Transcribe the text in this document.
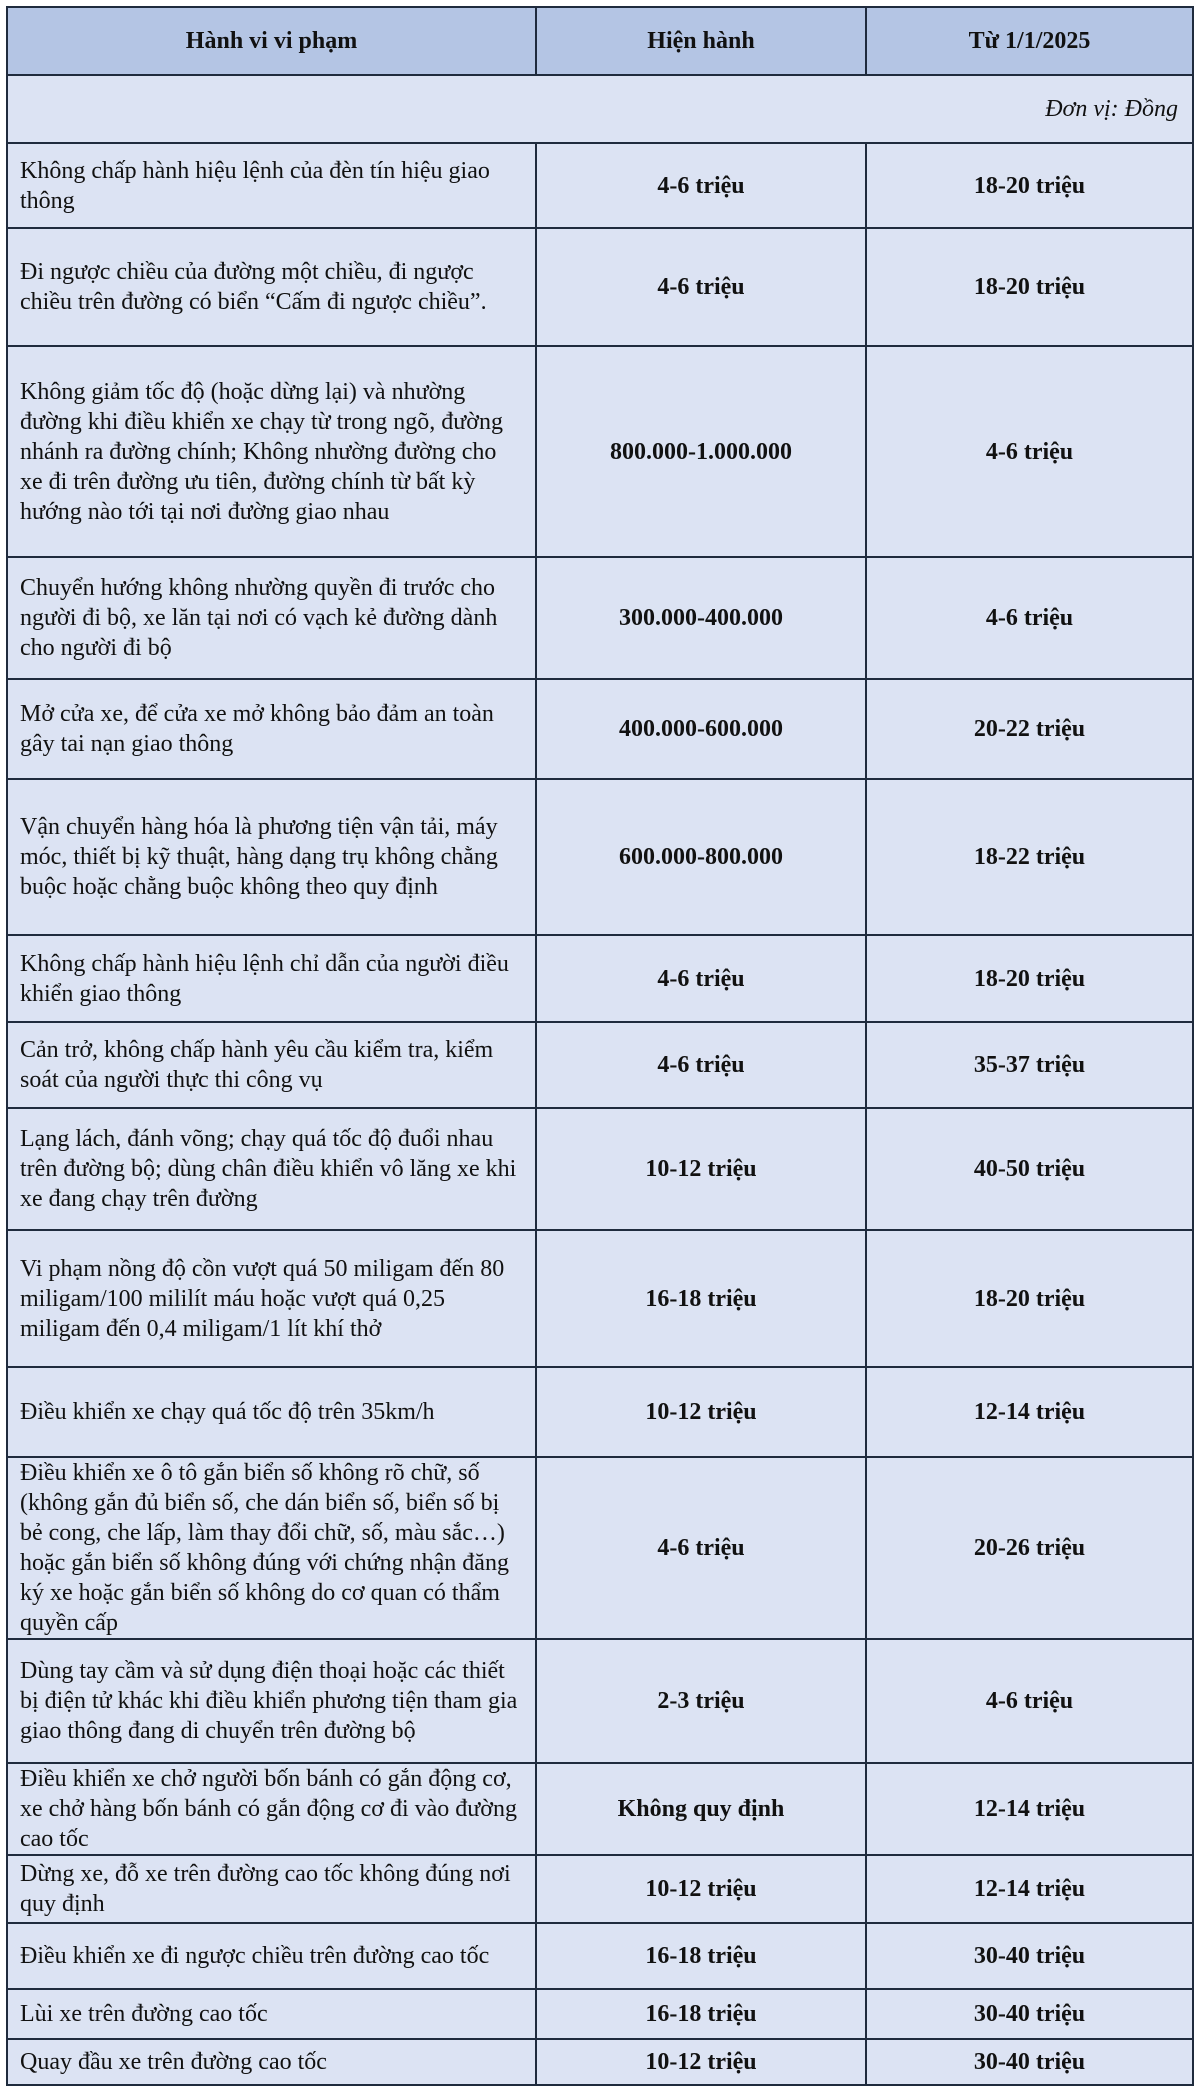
Hành vi vi phạm	Hiện hành	Từ 1/1/2025
Đơn vị: Đồng		
Không chấp hành hiệu lệnh của đèn tín hiệu giao thông	4-6 triệu	18-20 triệu
Đi ngược chiều của đường một chiều, đi ngược chiều trên đường có biển “Cấm đi ngược chiều”.	4-6 triệu	18-20 triệu
Không giảm tốc độ (hoặc dừng lại) và nhường đường khi điều khiển xe chạy từ trong ngõ, đường nhánh ra đường chính; Không nhường đường cho xe đi trên đường ưu tiên, đường chính từ bất kỳ hướng nào tới tại nơi đường giao nhau	800.000-1.000.000	4-6 triệu
Chuyển hướng không nhường quyền đi trước cho người đi bộ, xe lăn tại nơi có vạch kẻ đường dành cho người đi bộ	300.000-400.000	4-6 triệu
Mở cửa xe, để cửa xe mở không bảo đảm an toàn gây tai nạn giao thông	400.000-600.000	20-22 triệu
Vận chuyển hàng hóa là phương tiện vận tải, máy móc, thiết bị kỹ thuật, hàng dạng trụ không chằng buộc hoặc chằng buộc không theo quy định	600.000-800.000	18-22 triệu
Không chấp hành hiệu lệnh chỉ dẫn của người điều khiển giao thông	4-6 triệu	18-20 triệu
Cản trở, không chấp hành yêu cầu kiểm tra, kiểm soát của người thực thi công vụ	4-6 triệu	35-37 triệu
Lạng lách, đánh võng; chạy quá tốc độ đuổi nhau trên đường bộ; dùng chân điều khiển vô lăng xe khi xe đang chạy trên đường	10-12 triệu	40-50 triệu
Vi phạm nồng độ cồn vượt quá 50 miligam đến 80 miligam/100 mililít máu hoặc vượt quá 0,25 miligam đến 0,4 miligam/1 lít khí thở	16-18 triệu	18-20 triệu
Điều khiển xe chạy quá tốc độ trên 35km/h	10-12 triệu	12-14 triệu
Điều khiển xe ô tô gắn biển số không rõ chữ, số (không gắn đủ biển số, che dán biển số, biển số bị bẻ cong, che lấp, làm thay đổi chữ, số, màu sắc…) hoặc gắn biển số không đúng với chứng nhận đăng ký xe hoặc gắn biển số không do cơ quan có thẩm quyền cấp	4-6 triệu	20-26 triệu
Dùng tay cầm và sử dụng điện thoại hoặc các thiết bị điện tử khác khi điều khiển phương tiện tham gia giao thông đang di chuyển trên đường bộ	2-3 triệu	4-6 triệu
Điều khiển xe chở người bốn bánh có gắn động cơ, xe chở hàng bốn bánh có gắn động cơ đi vào đường cao tốc	Không quy định	12-14 triệu
Dừng xe, đỗ xe trên đường cao tốc không đúng nơi quy định	10-12 triệu	12-14 triệu
Điều khiển xe đi ngược chiều trên đường cao tốc	16-18 triệu	30-40 triệu
Lùi xe trên đường cao tốc	16-18 triệu	30-40 triệu
Quay đầu xe trên đường cao tốc	10-12 triệu	30-40 triệu
